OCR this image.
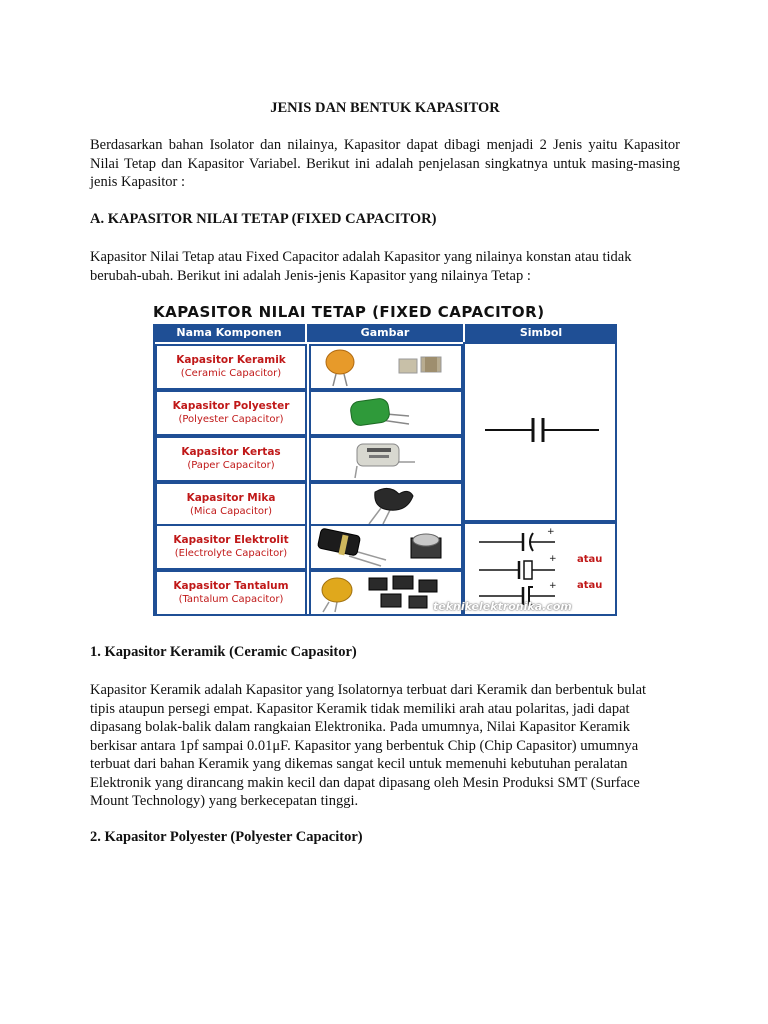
JENIS DAN BENTUK KAPASITOR
Berdasarkan bahan Isolator dan nilainya, Kapasitor dapat dibagi menjadi 2 Jenis yaitu Kapasitor Nilai Tetap dan Kapasitor Variabel. Berikut ini adalah penjelasan singkatnya untuk masing-masing jenis Kapasitor :
A. KAPASITOR NILAI TETAP (FIXED CAPACITOR)
Kapasitor Nilai Tetap atau Fixed Capacitor adalah Kapasitor yang nilainya konstan atau tidak berubah-ubah. Berikut ini adalah Jenis-jenis Kapasitor yang nilainya Tetap :
1. Kapasitor Keramik (Ceramic Capasitor)
Kapasitor Keramik adalah Kapasitor yang Isolatornya terbuat dari Keramik dan berbentuk bulat tipis ataupun persegi empat. Kapasitor Keramik tidak memiliki arah atau polaritas, jadi dapat dipasang bolak-balik dalam rangkaian Elektronika. Pada umumnya, Nilai Kapasitor Keramik berkisar antara 1pf sampai 0.01μF. Kapasitor yang berbentuk Chip (Chip Capasitor) umumnya terbuat dari bahan Keramik yang dikemas sangat kecil untuk memenuhi kebutuhan peralatan Elektronik yang dirancang makin kecil dan dapat dipasang oleh Mesin Produksi SMT (Surface Mount Technology) yang berkecepatan tinggi.
2. Kapasitor Polyester (Polyester Capacitor)
KAPASITOR NILAI TETAP (FIXED CAPACITOR)
Nama Komponen	Gambar	Simbol
Kapasitor Keramik
(Ceramic Capacitor)
Kapasitor Polyester
(Polyester Capacitor)
Kapasitor Kertas
(Paper Capacitor)
Kapasitor Mika
(Mica Capacitor)
Kapasitor Elektrolit
(Electrolyte Capacitor)
Kapasitor Tantalum
(Tantalum Capacitor)
+
+
+
atau
atau
teknikelektronika.com
